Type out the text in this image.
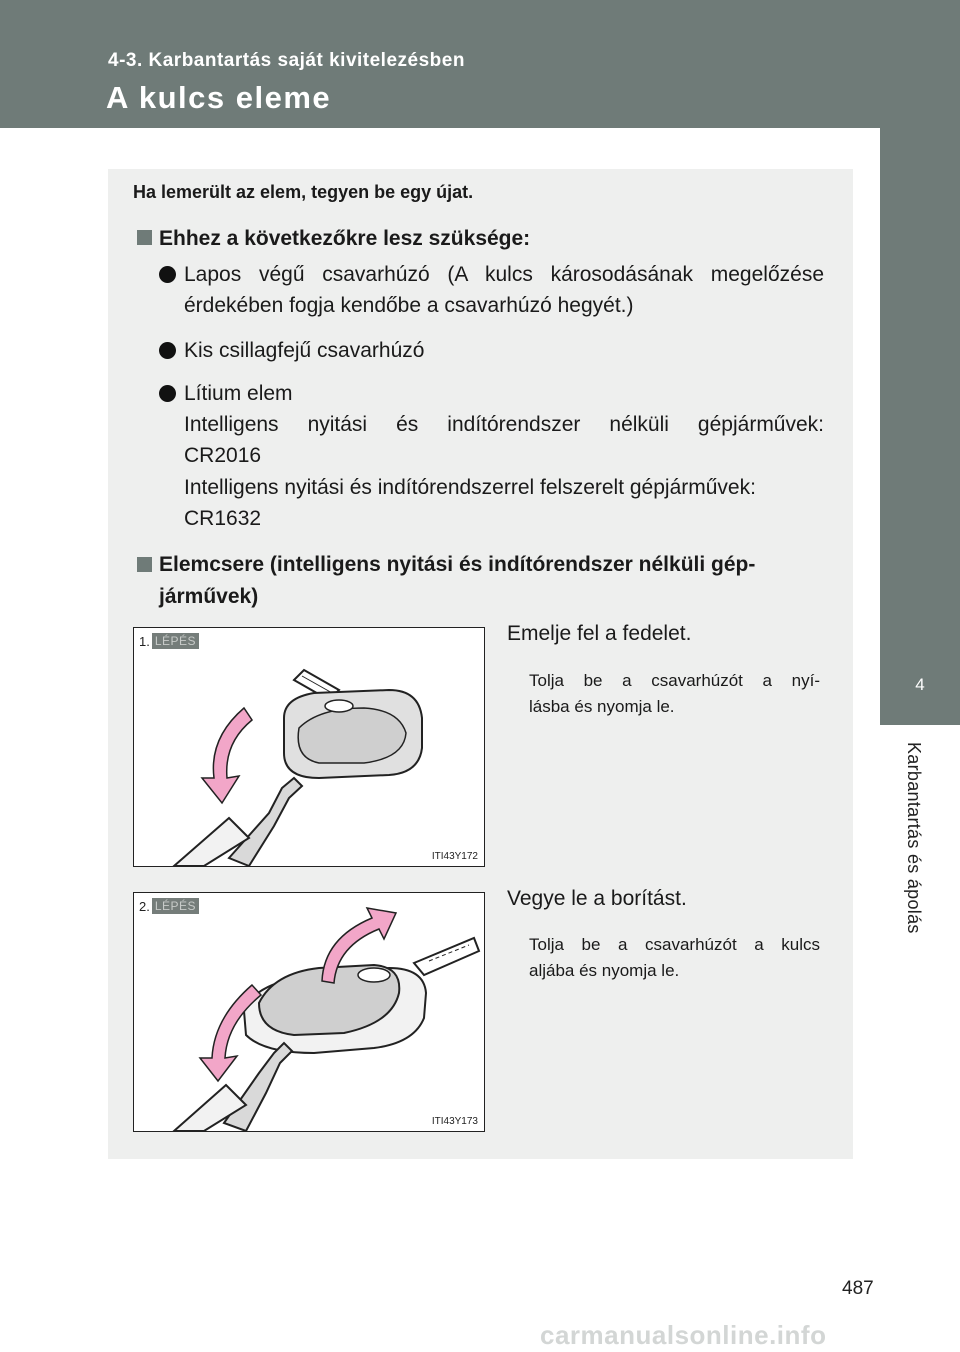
4-3. Karbantartás saját kivitelezésben
A kulcs eleme
4
Karbantartás és ápolás
Ha lemerült az elem, tegyen be egy újat.
Ehhez a következőkre lesz szüksége:
Lapos végű csavarhúzó (A kulcs károsodásának megelőzése
érdekében fogja kendőbe a csavarhúzó hegyét.)
Kis csillagfejű csavarhúzó
Lítium elem
Intelligens nyitási és indítórendszer nélküli gépjárművek:
CR2016
Intelligens nyitási és indítórendszerrel felszerelt gépjárművek:
CR1632
Elemcsere (intelligens nyitási és indítórendszer nélküli gép-
járművek)
1. LÉPÉS
ITI43Y172
Emelje fel a fedelet.
Tolja be a csavarhúzót a nyí-
lásba és nyomja le.
2. LÉPÉS
ITI43Y173
Vegye le a borítást.
Tolja be a csavarhúzót a kulcs
aljába és nyomja le.
487
carmanualsonline.info
